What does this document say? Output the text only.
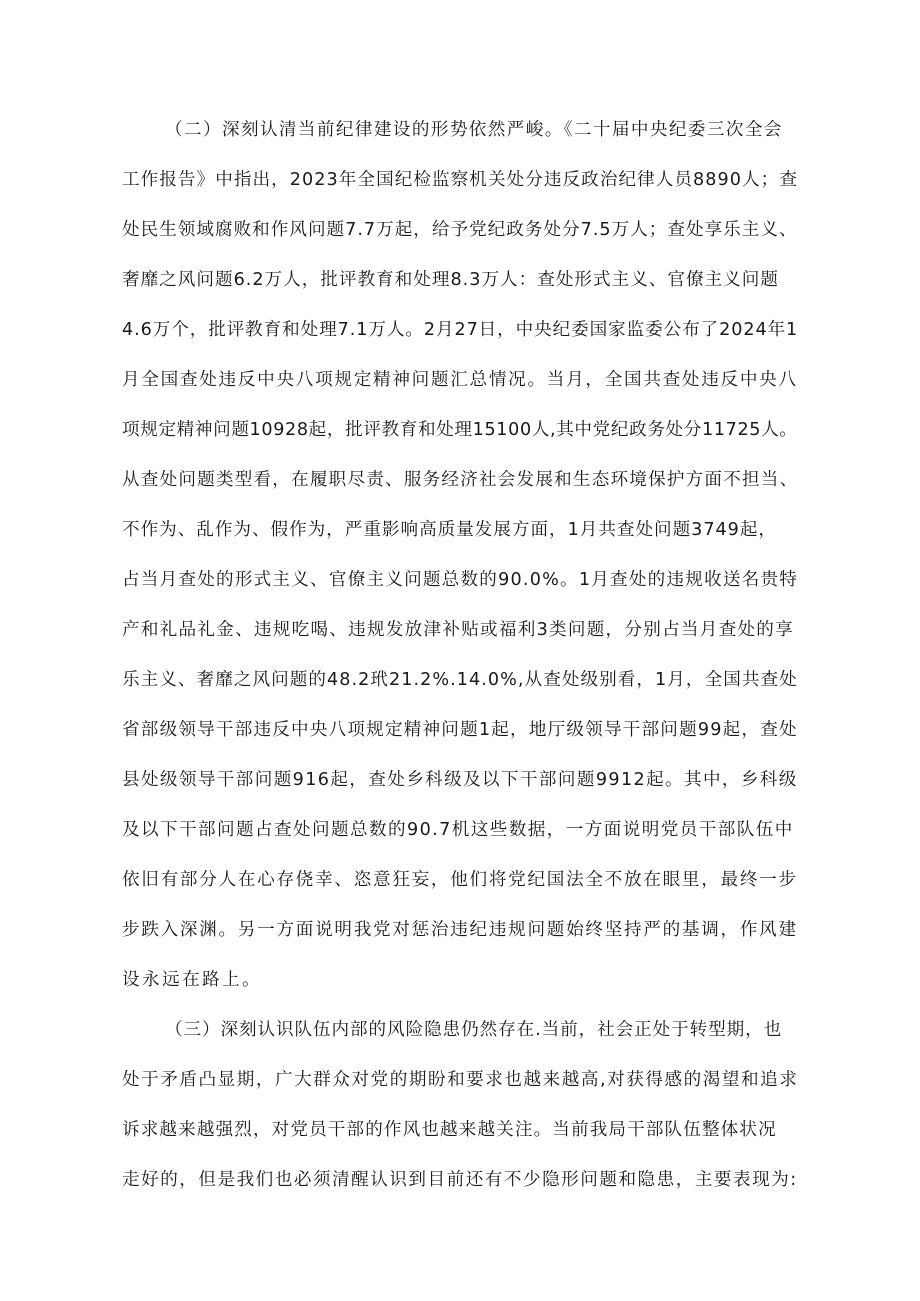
（二）深刻认清当前纪律建设的形势依然严峻。《二十届中央纪委三次全会
工作报告》中指出，2023年全国纪检监察机关处分违反政治纪律人员8890人；查
处民生领域腐败和作风问题7.7万起，给予党纪政务处分7.5万人；查处享乐主义、
奢靡之风问题6.2万人，批评教育和处理8.3万人：查处形式主义、官僚主义问题
4.6万个，批评教育和处理7.1万人。2月27日，中央纪委国家监委公布了2024年1
月全国查处违反中央八项规定精神问题汇总情况。当月，全国共查处违反中央八
项规定精神问题10928起，批评教育和处理15100人,其中党纪政务处分11725人。
从查处问题类型看，在履职尽责、服务经济社会发展和生态环境保护方面不担当、
不作为、乱作为、假作为，严重影响高质量发展方面，1月共查处问题3749起，
占当月查处的形式主义、官僚主义问题总数的90.0%。1月查处的违规收送名贵特
产和礼品礼金、违规吃喝、违规发放津补贴或福利3类问题，分别占当月查处的享
乐主义、奢靡之风问题的48.2玳21.2%.14.0%,从查处级别看，1月，全国共查处
省部级领导干部违反中央八项规定精神问题1起，地厅级领导干部问题99起，查处
县处级领导干部问题916起，查处乡科级及以下干部问题9912起。其中，乡科级
及以下干部问题占查处问题总数的90.7机这些数据，一方面说明党员干部队伍中
依旧有部分人在心存侥幸、恣意狂妄，他们将党纪国法全不放在眼里，最终一步
步跌入深渊。另一方面说明我党对惩治违纪违规问题始终坚持严的基调，作风建
设永远在路上。
（三）深刻认识队伍内部的风险隐患仍然存在.当前，社会正处于转型期，也
处于矛盾凸显期，广大群众对党的期盼和要求也越来越高,对获得感的渴望和追求
诉求越来越强烈，对党员干部的作风也越来越关注。当前我局干部队伍整体状况
走好的，但是我们也必须清醒认识到目前还有不少隐形问题和隐患，主要表现为:
